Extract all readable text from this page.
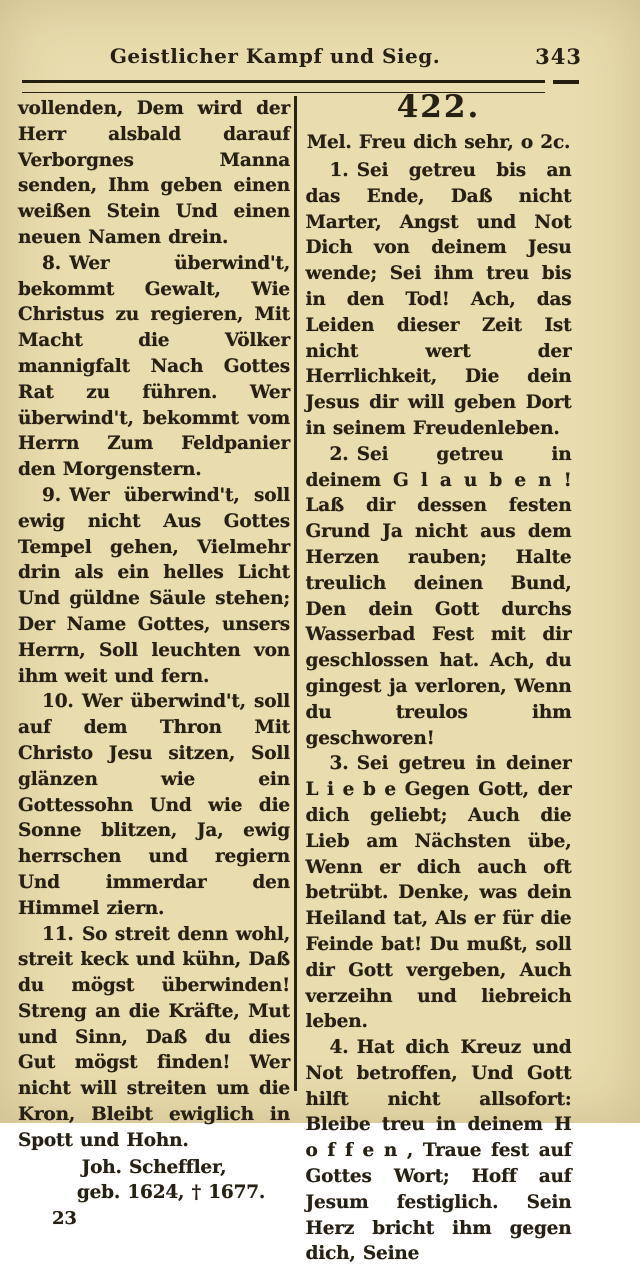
Geistlicher Kampf und Sieg.	343

vollenden, Dem wird der Herr alsbald darauf Verborgnes Manna senden, Ihm geben einen weißen Stein Und einen neuen Namen drein.

8. Wer überwind't, bekommt Gewalt, Wie Christus zu regieren, Mit Macht die Völker mannigfalt Nach Gottes Rat zu führen. Wer überwind't, bekommt vom Herrn Zum Feldpanier den Morgenstern.

9. Wer überwind't, soll ewig nicht Aus Gottes Tempel gehen, Vielmehr drin als ein helles Licht Und güldne Säule stehen; Der Name Gottes, unsers Herrn, Soll leuchten von ihm weit und fern.

10. Wer überwind't, soll auf dem Thron Mit Christo Jesu sitzen, Soll glänzen wie ein Gottessohn Und wie die Sonne blitzen, Ja, ewig herrschen und regiern Und immerdar den Himmel ziern.

11. So streit denn wohl, streit keck und kühn, Daß du mögst überwinden! Streng an die Kräfte, Mut und Sinn, Daß du dies Gut mögst finden! Wer nicht will streiten um die Kron, Bleibt ewiglich in Spott und Hohn.

Joh. Scheffler,

geb. 1624, † 1677.

23

422.
Mel. Freu dich sehr, o 2c.

1. Sei getreu bis an das Ende, Daß nicht Marter, Angst und Not Dich von deinem Jesu wende; Sei ihm treu bis in den Tod! Ach, das Leiden dieser Zeit Ist nicht wert der Herrlichkeit, Die dein Jesus dir will geben Dort in seinem Freudenleben.

2. Sei getreu in deinem G l a u b e n ! Laß dir dessen festen Grund Ja nicht aus dem Herzen rauben; Halte treulich deinen Bund, Den dein Gott durchs Wasserbad Fest mit dir geschlossen hat. Ach, du gingest ja verloren, Wenn du treulos ihm geschworen!

3. Sei getreu in deiner L i e b e Gegen Gott, der dich geliebt; Auch die Lieb am Nächsten übe, Wenn er dich auch oft betrübt. Denke, was dein Heiland tat, Als er für die Feinde bat! Du mußt, soll dir Gott vergeben, Auch verzeihn und liebreich leben.

4. Hat dich Kreuz und Not betroffen, Und Gott hilft nicht allsofort: Bleibe treu in deinem H o f f e n , Traue fest auf Gottes Wort; Hoff auf Jesum festiglich. Sein Herz bricht ihm gegen dich, Seine
